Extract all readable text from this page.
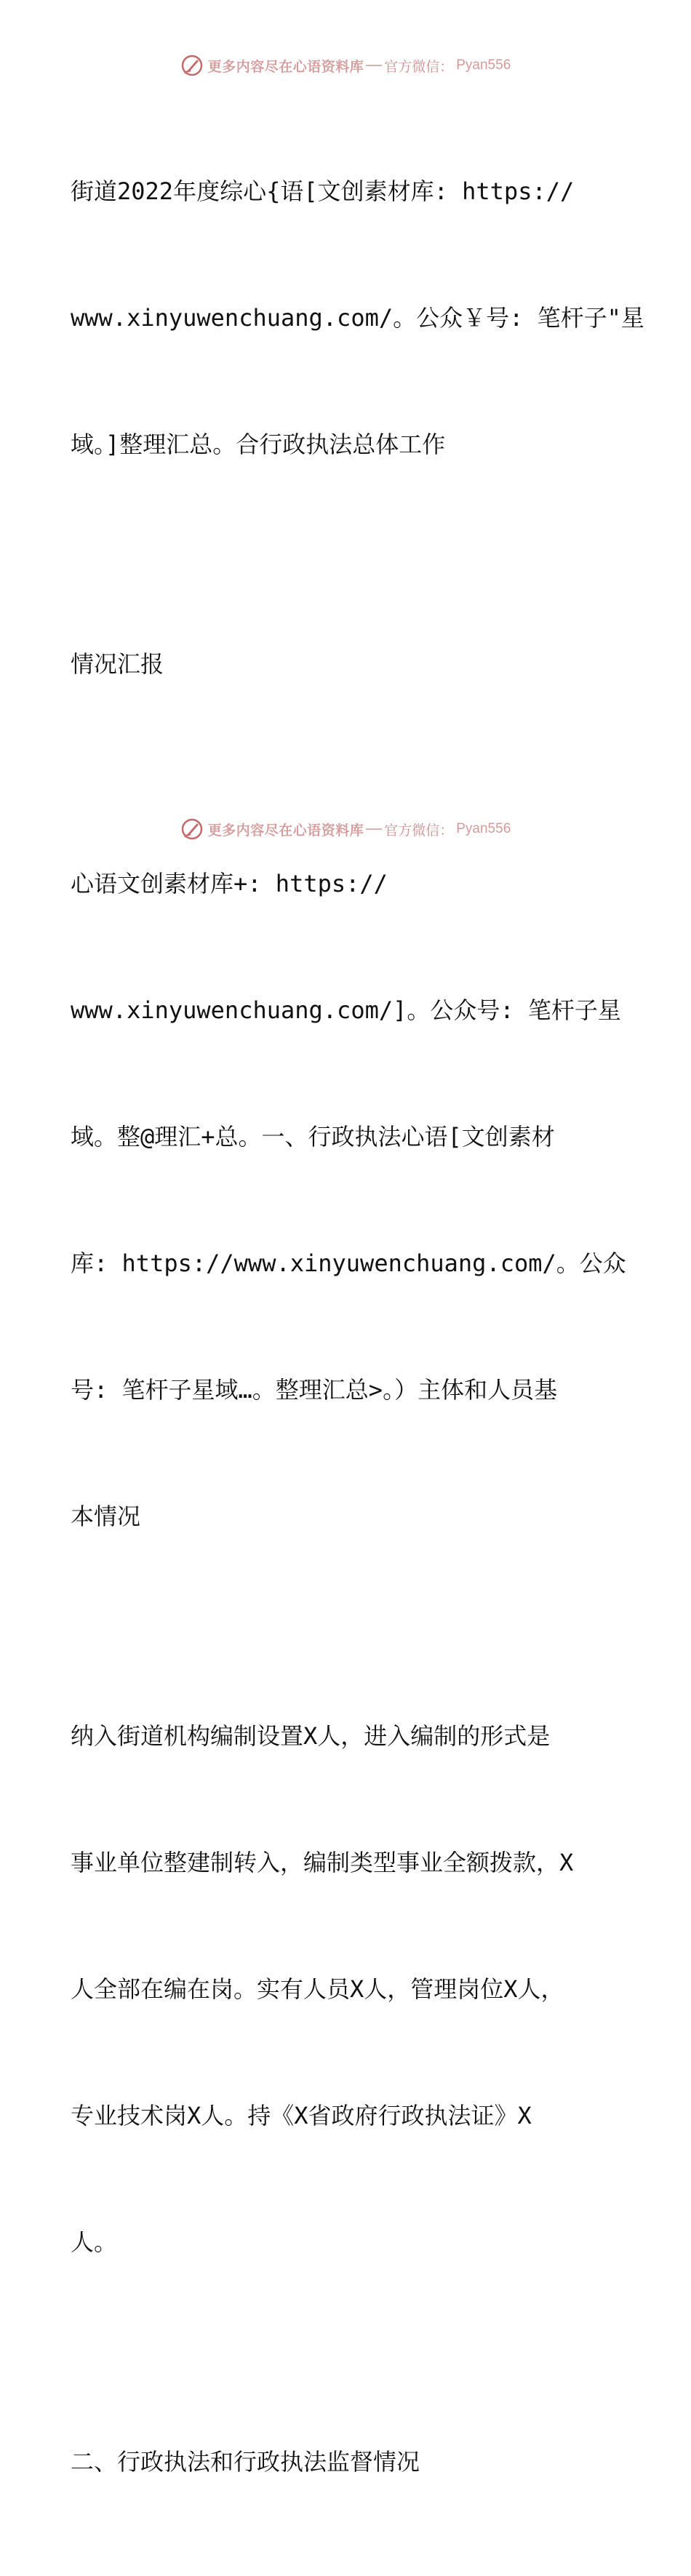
更多内容尽在心语资料库 官方微信： Pyan556

街道2022年度综心{语[文创素材库: https://

www.xinyuwenchuang.com/。公众￥号: 笔杆子"星

域。]整理汇总。合行政执法总体工作

情况汇报

心语文创素材库+: https://

www.xinyuwenchuang.com/]。公众号: 笔杆子星

域。整@理汇+总。一、行政执法心语[文创素材

库: https://www.xinyuwenchuang.com/。公众

号: 笔杆子星域…。整理汇总>。）主体和人员基

本情况

纳入街道机构编制设置X人，进入编制的形式是

事业单位整建制转入，编制类型事业全额拨款，X

人全部在编在岗。实有人员X人，管理岗位X人，

专业技术岗X人。持《X省政府行政执法证》X

人。

二、行政执法和行政执法监督情况

更多内容尽在心语资料库 官方微信： Pyan556
